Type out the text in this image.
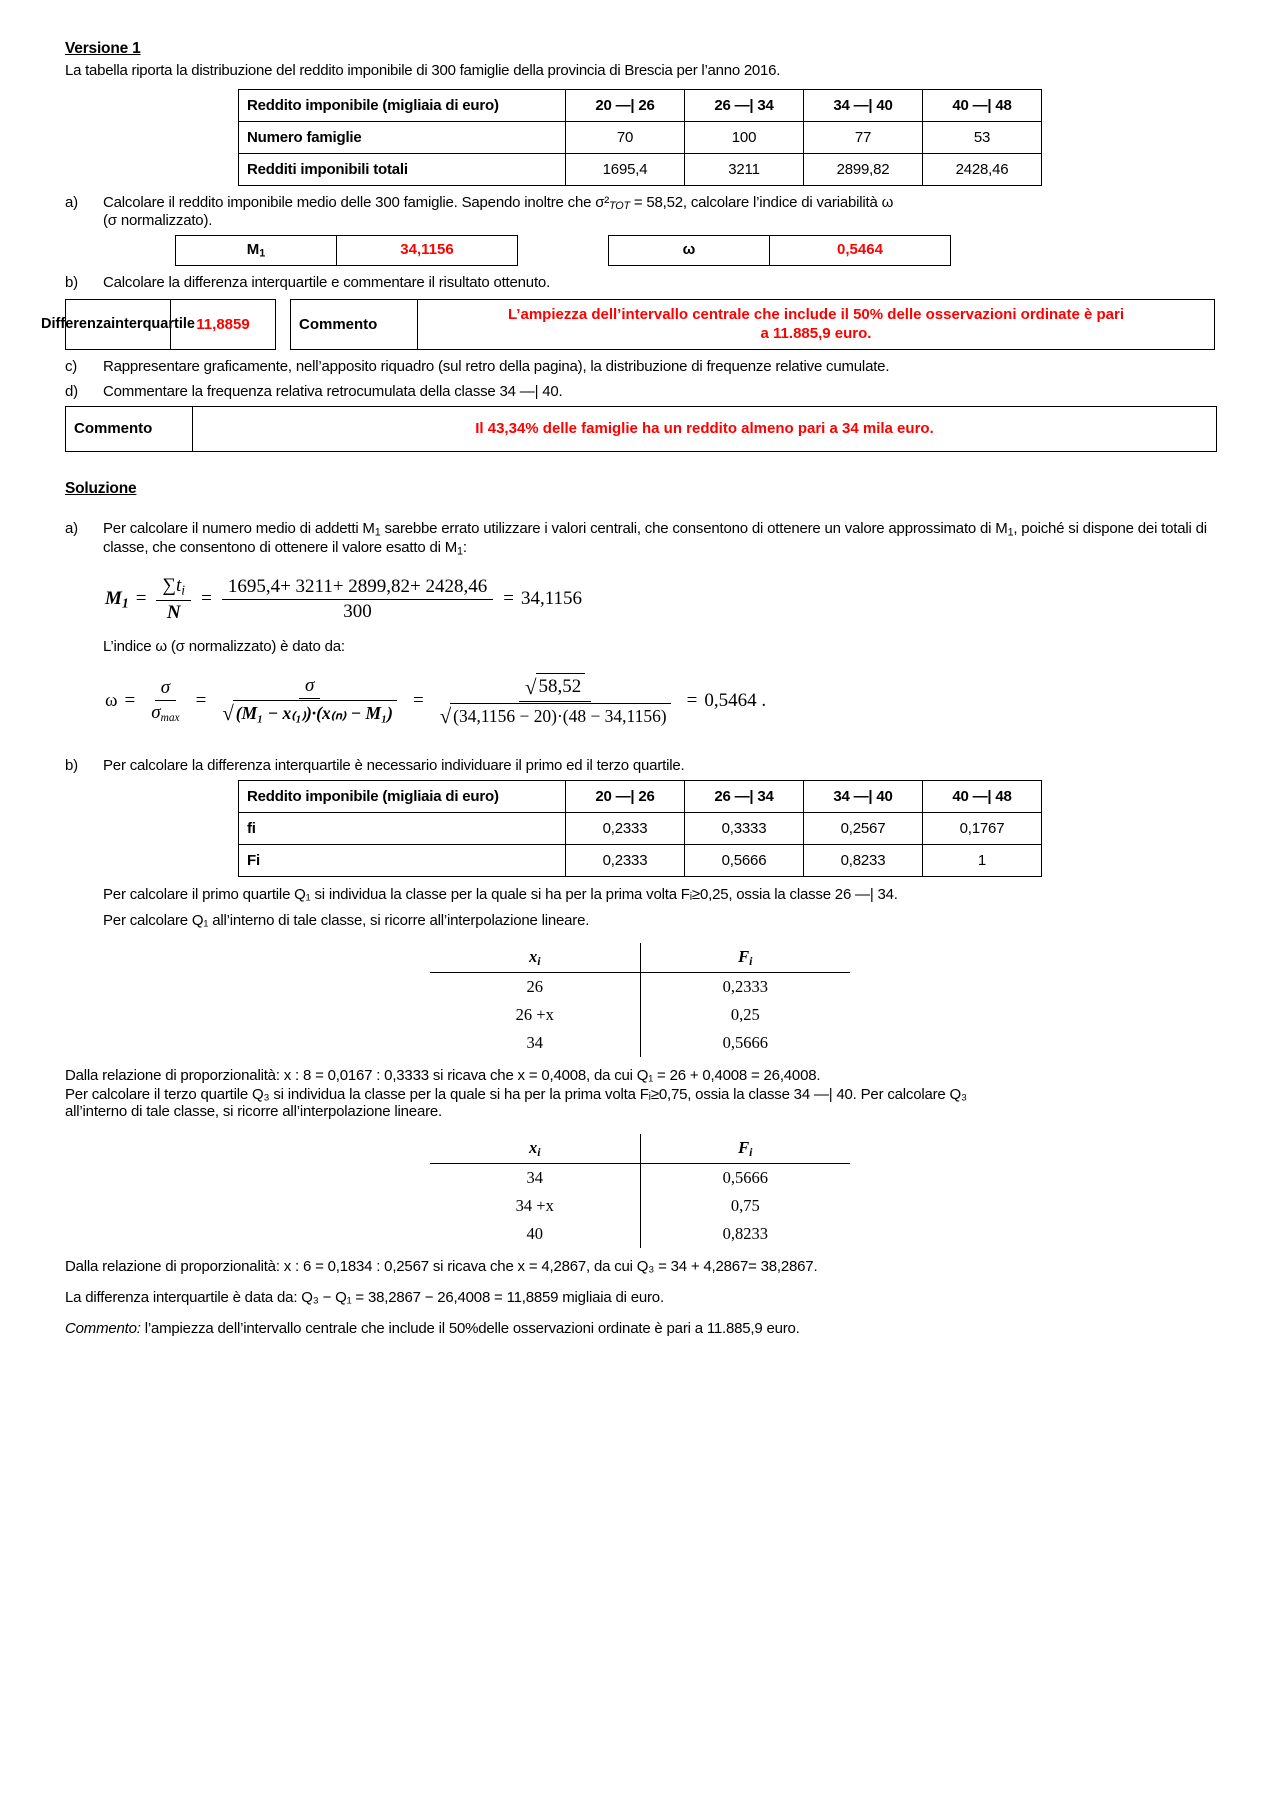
Versione 1
La tabella riporta la distribuzione del reddito imponibile di 300 famiglie della provincia di Brescia per l’anno 2016.
Reddito imponibile (migliaia di euro)	20 —| 26	26 —| 34	34 —| 40	40 —| 48
Numero famiglie	70	100	77	53
Redditi imponibili totali	1695,4	3211	2899,82	2428,46
a)	Calcolare il reddito imponibile medio delle 300 famiglie. Sapendo inoltre che σ²TOT = 58,52, calcolare l’indice di variabilità ω
(σ normalizzato).
$M_1$	34,1156	ω	0,5464
b)	Calcolare la differenza interquartile e commentare il risultato ottenuto.
Differenza interquartile 11,8859	Commento
L’ampiezza dell’intervallo centrale che include il 50% delle osservazioni ordinate è pari
a 11.885,9 euro.
c)	Rappresentare graficamente, nell’apposito riquadro (sul retro della pagina), la distribuzione di frequenze relative cumulate.
d)	Commentare la frequenza relativa retrocumulata della classe 34 —| 40.
Commento	Il 43,34% delle famiglie ha un reddito almeno pari a 34 mila euro.
Soluzione
a)	Per calcolare il numero medio di addetti $M_1$ sarebbe errato utilizzare i valori centrali, che consentono di ottenere un valore approssimato di $M_1$, poiché si dispone dei totali di classe, che consentono di ottenere il valore esatto di $M_1$:
$M_1 = \frac{\sum t_i}{N} = \frac{1695,4+ 3211+ 2899,82+ 2428,46}{300} = 34,1156$
L’indice ω (σ normalizzato) è dato da:
$\omega = \frac{\sigma}{\sigma_{max}} = \frac{\sigma}{\text{√ (M₁ − x₍₁₎)·(x₍ₙ₎ − M₁)}} = \frac{√ 58,52}{√ (34,1156 - 20)\cdot(48 - 34,1156)} = 0,5464$ .
b)	Per calcolare la differenza interquartile è necessario individuare il primo ed il terzo quartile.
Reddito imponibile (migliaia di euro)	20 —| 26	26 —| 34	34 —| 40	40 —| 48
fi	0,2333	0,3333	0,2567	0,1767
Fi	0,2333	0,5666	0,8233	1
Per calcolare il primo quartile Q₁ si individua la classe per la quale si ha per la prima volta Fᵢ≥0,25, ossia la classe 26 —| 34.
Per calcolare Q₁ all’interno di tale classe, si ricorre all’interpolazione lineare.
$x_i$	$F_i$
26	0,2333
26 +x	0,25
34	0,5666
Dalla relazione di proporzionalità: x : 8 = 0,0167 : 0,3333 si ricava che x = 0,4008, da cui Q₁ = 26 + 0,4008 = 26,4008.
Per calcolare il terzo quartile Q₃ si individua la classe per la quale si ha per la prima volta Fᵢ≥0,75, ossia la classe 34 —| 40. Per calcolare Q₃
all’interno di tale classe, si ricorre all’interpolazione lineare.
$x_i$	$F_i$
34	0,5666
34 +x	0,75
40	0,8233
Dalla relazione di proporzionalità: x : 6 = 0,1834 : 0,2567 si ricava che x = 4,2867, da cui Q₃ = 34 + 4,2867= 38,2867.
La differenza interquartile è data da: Q₃ − Q₁ = 38,2867 − 26,4008 = 11,8859 migliaia di euro.
Commento: l’ampiezza dell’intervallo centrale che include il 50%delle osservazioni ordinate è pari a 11.885,9 euro.
